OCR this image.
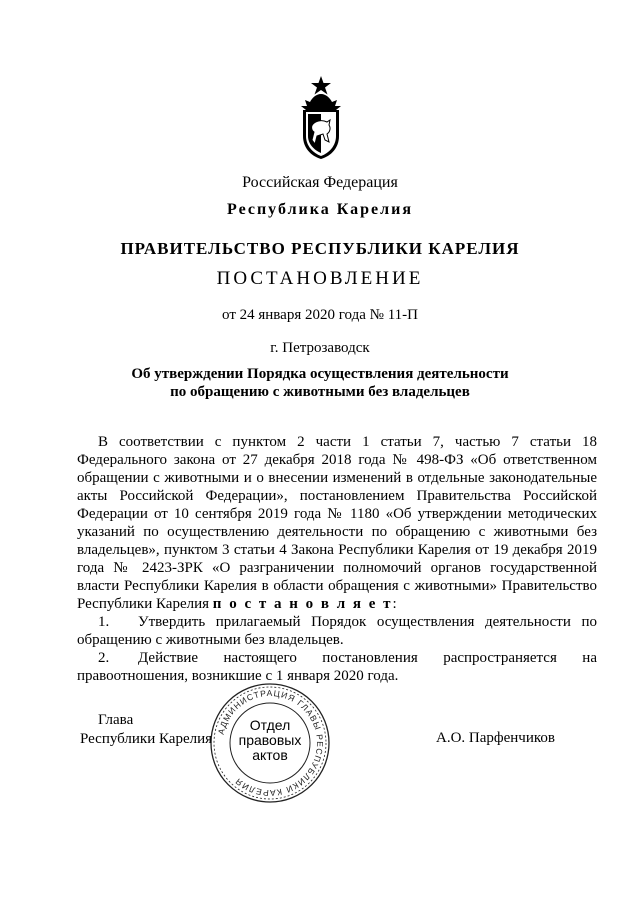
Российская Федерация
Республика Карелия
ПРАВИТЕЛЬСТВО РЕСПУБЛИКИ КАРЕЛИЯ
ПОСТАНОВЛЕНИЕ
от 24 января 2020 года № 11-П
г. Петрозаводск
Об утверждении Порядка осуществления деятельности
по обращению с животными без владельцев

В соответствии с пунктом 2 части 1 статьи 7, частью 7 статьи 18 Федерального закона от 27 декабря 2018 года № 498-ФЗ «Об ответственном обращении с животными и о внесении изменений в отдельные законодательные акты Российской Федерации», постановлением Правительства Российской Федерации от 10 сентября 2019 года № 1180 «Об утверждении методических указаний по осуществлению деятельности по обращению с животными без владельцев», пунктом 3 статьи 4 Закона Республики Карелия от 19 декабря 2019 года № 2423-ЗРК «О разграничении полномочий органов государственной власти Республики Карелия в области обращения с животными» Правительство Республики Карелия п о с т а н о в л я е т:

1. Утвердить прилагаемый Порядок осуществления деятельности по обращению с животными без владельцев.

2. Действие настоящего постановления распространяется на правоотношения, возникшие с 1 января 2020 года.

Глава
Республики Карелия	А.О. Парфенчиков
АДМИНИСТРАЦИЯ ГЛАВЫ РЕСПУБЛИКИ КАРЕЛИЯ
Отдел
правовых
актов
